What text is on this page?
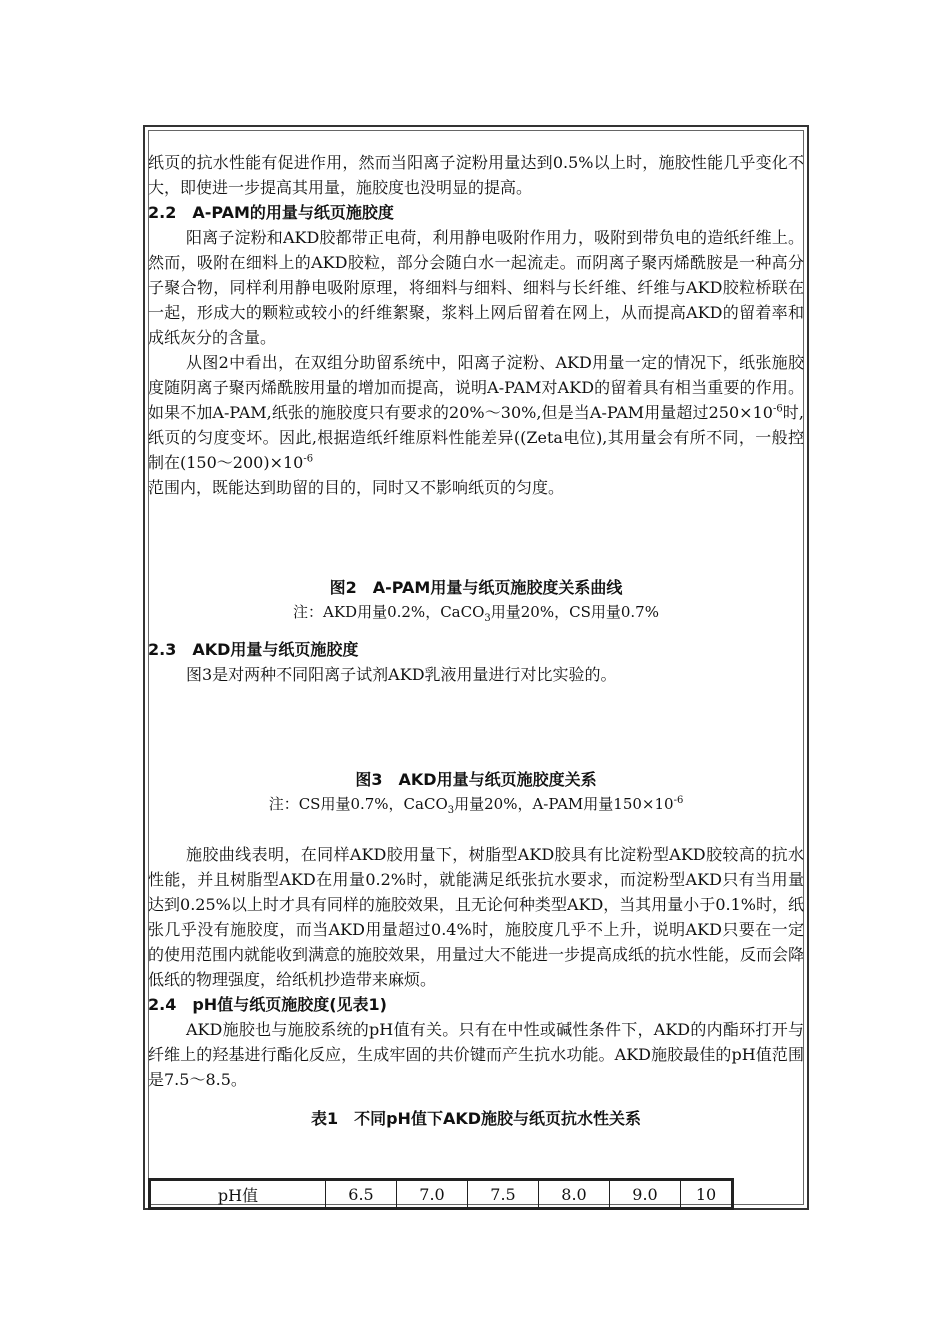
纸页的抗水性能有促进作用，然而当阳离子淀粉用量达到0.5%以上时，施胶性能几乎变化不大，即使进一步提高其用量，施胶度也没明显的提高。

2.2　A-PAM的用量与纸页施胶度

阳离子淀粉和AKD胶都带正电荷，利用静电吸附作用力，吸附到带负电的造纸纤维上。然而，吸附在细料上的AKD胶粒，部分会随白水一起流走。而阴离子聚丙烯酰胺是一种高分子聚合物，同样利用静电吸附原理，将细料与细料、细料与长纤维、纤维与AKD胶粒桥联在一起，形成大的颗粒或较小的纤维絮聚，浆料上网后留着在网上，从而提高AKD的留着率和成纸灰分的含量。

从图2中看出，在双组分助留系统中，阳离子淀粉、AKD用量一定的情况下，纸张施胶度随阴离子聚丙烯酰胺用量的增加而提高，说明A-PAM对AKD的留着具有相当重要的作用。如果不加A-PAM,纸张的施胶度只有要求的20%～30%,但是当A-PAM用量超过$250\times 10^{-6}$时,纸页的匀度变坏。因此,根据造纸纤维原料性能差异((Zeta电位),其用量会有所不同，一般控制在$(150\sim 200)\times 10^{-6}$
范围内，既能达到助留的目的，同时又不影响纸页的匀度。

图2　A-PAM用量与纸页施胶度关系曲线
注：AKD用量0.2%，CaCO$_3$用量20%，CS用量0.7%
2.3　AKD用量与纸页施胶度

图3是对两种不同阳离子试剂AKD乳液用量进行对比实验的。

图3　AKD用量与纸页施胶度关系
注：CS用量0.7%，CaCO$_3$用量20%，A-PAM用量$150\times 10^{-6}$

施胶曲线表明，在同样AKD胶用量下，树脂型AKD胶具有比淀粉型AKD胶较高的抗水性能，并且树脂型AKD在用量0.2%时，就能满足纸张抗水要求，而淀粉型AKD只有当用量达到0.25%以上时才具有同样的施胶效果，且无论何种类型AKD，当其用量小于0.1%时，纸张几乎没有施胶度，而当AKD用量超过0.4%时，施胶度几乎不上升，说明AKD只要在一定的使用范围内就能收到满意的施胶效果，用量过大不能进一步提高成纸的抗水性能，反而会降低纸的物理强度，给纸机抄造带来麻烦。

2.4　pH值与纸页施胶度(见表1)

AKD施胶也与施胶系统的pH值有关。只有在中性或碱性条件下，AKD的内酯环打开与纤维上的羟基进行酯化反应，生成牢固的共价键而产生抗水功能。AKD施胶最佳的pH值范围是7.5～8.5。

表1　不同pH值下AKD施胶与纸页抗水性关系
pH值	6.5	7.0	7.5	8.0	9.0	10
